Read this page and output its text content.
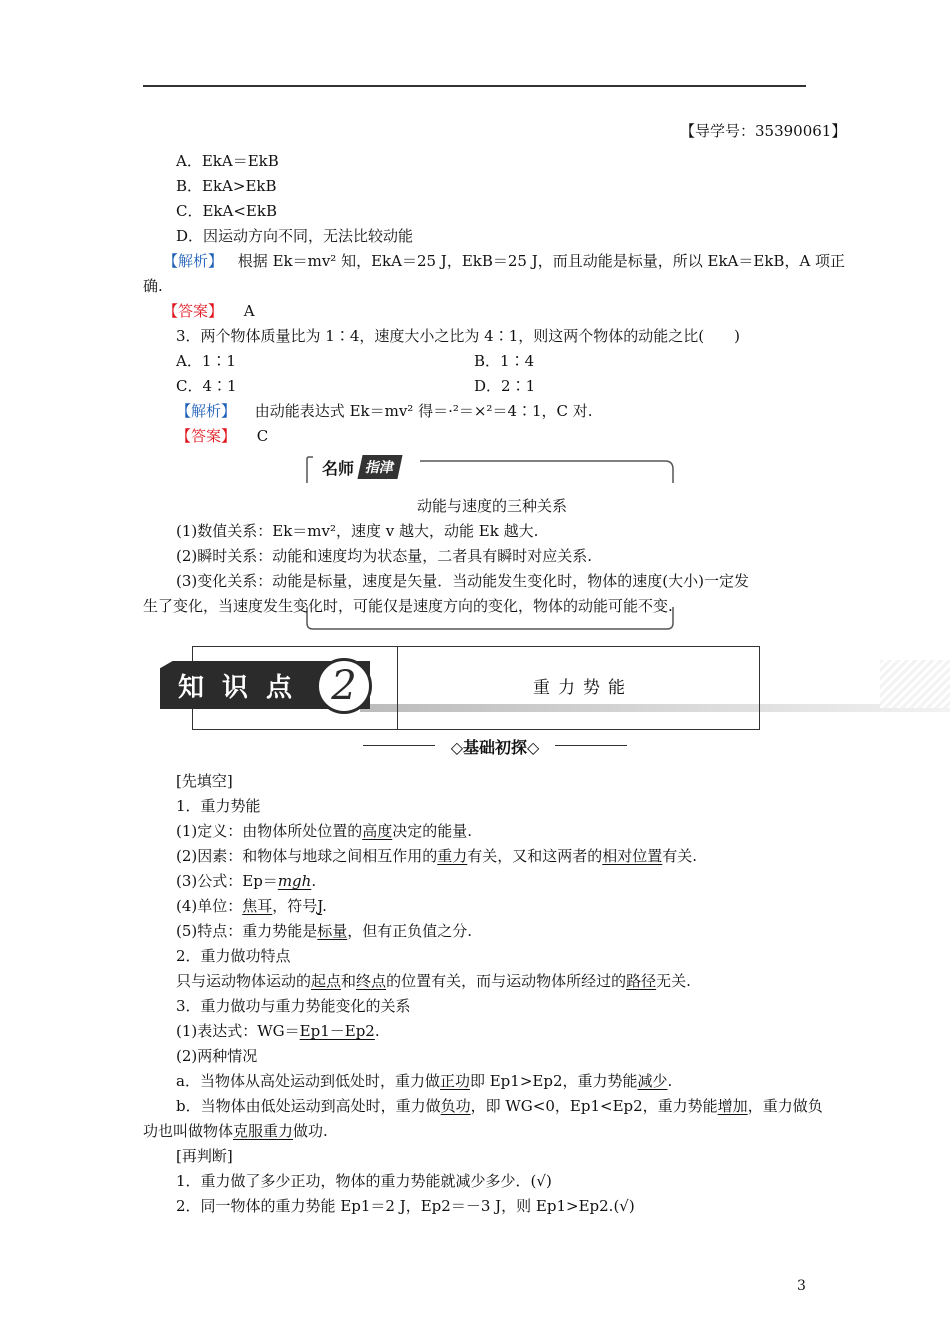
【导学号：35390061】
A．EkA＝EkB
B．EkA>EkB
C．EkA<EkB
D．因运动方向不同，无法比较动能
【解析】 根据 Ek＝mv² 知，EkA＝25 J，EkB＝25 J，而且动能是标量，所以 EkA＝EkB，A 项正
确.
【答案】 A
3．两个物体质量比为 1∶4，速度大小之比为 4∶1，则这两个物体的动能之比(　　)
A．1∶1	B．1∶4
C．4∶1	D．2∶1
【解析】 由动能表达式 Ek＝mv² 得＝·²＝×²＝4∶1，C 对.
【答案】 C
名师 指津
动能与速度的三种关系
(1)数值关系：Ek＝mv²，速度 v 越大，动能 Ek 越大.
(2)瞬时关系：动能和速度均为状态量，二者具有瞬时对应关系.
(3)变化关系：动能是标量，速度是矢量．当动能发生变化时，物体的速度(大小)一定发
生了变化，当速度发生变化时，可能仅是速度方向的变化，物体的动能可能不变.
知识点 2	重力势能
◇基础初探◇
[先填空]
1．重力势能
(1)定义：由物体所处位置的高度决定的能量.
(2)因素：和物体与地球之间相互作用的重力有关，又和这两者的相对位置有关.
(3)公式：Ep＝mgh.
(4)单位：焦耳，符号J.
(5)特点：重力势能是标量，但有正负值之分.
2．重力做功特点
只与运动物体运动的起点和终点的位置有关，而与运动物体所经过的路径无关.
3．重力做功与重力势能变化的关系
(1)表达式：WG＝Ep1－Ep2.
(2)两种情况
a．当物体从高处运动到低处时，重力做正功即 Ep1>Ep2，重力势能减少.
b．当物体由低处运动到高处时，重力做负功，即 WG<0，Ep1<Ep2，重力势能增加，重力做负
功也叫做物体克服重力做功.
[再判断]
1．重力做了多少正功，物体的重力势能就减少多少．(√)
2．同一物体的重力势能 Ep1＝2 J，Ep2＝－3 J，则 Ep1>Ep2.(√)
3
